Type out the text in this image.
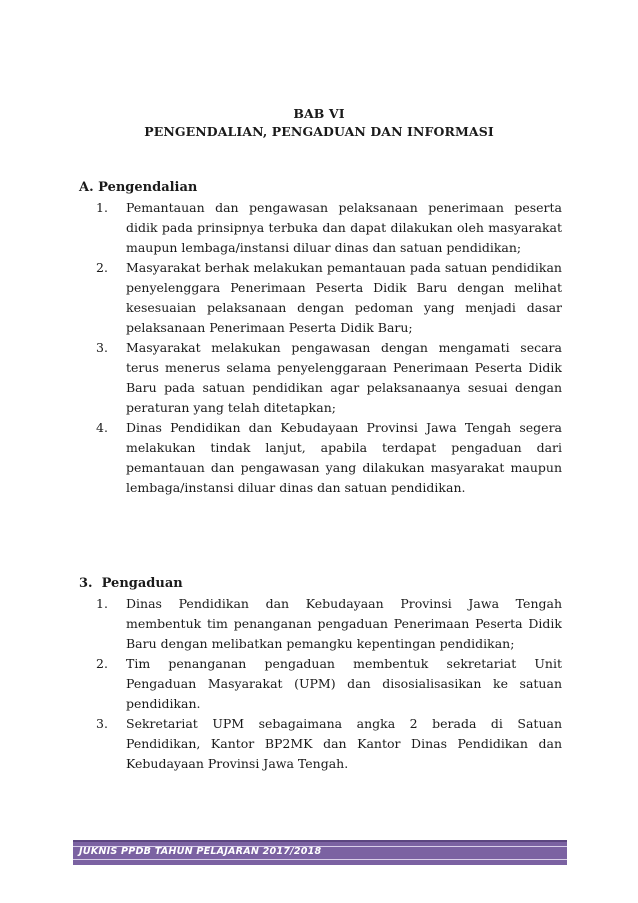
BAB VI
PENGENDALIAN, PENGADUAN DAN INFORMASI
A. Pengendalian
1.	Pemantauan dan pengawasan pelaksanaan penerimaan peserta didik pada prinsipnya terbuka dan dapat dilakukan oleh masyarakat maupun lembaga/instansi diluar dinas dan satuan pendidikan;
2.	Masyarakat berhak melakukan pemantauan pada satuan pendidikan penyelenggara Penerimaan Peserta Didik Baru dengan melihat kesesuaian pelaksanaan dengan pedoman yang menjadi dasar pelaksanaan Penerimaan Peserta Didik Baru;
3.	Masyarakat melakukan pengawasan dengan mengamati secara terus menerus selama penyelenggaraan Penerimaan Peserta Didik Baru pada satuan pendidikan agar pelaksanaanya sesuai dengan peraturan yang telah ditetapkan;
4.	Dinas Pendidikan dan Kebudayaan Provinsi Jawa Tengah segera melakukan tindak lanjut, apabila terdapat pengaduan dari pemantauan dan pengawasan yang dilakukan masyarakat maupun lembaga/instansi diluar dinas dan satuan pendidikan.
3.  Pengaduan
1.	Dinas Pendidikan dan Kebudayaan Provinsi Jawa Tengah membentuk tim penanganan pengaduan Penerimaan Peserta Didik Baru dengan melibatkan pemangku kepentingan pendidikan;
2.	Tim penanganan pengaduan membentuk sekretariat Unit Pengaduan Masyarakat (UPM) dan disosialisasikan ke satuan pendidikan.
3.	Sekretariat UPM sebagaimana angka 2 berada di Satuan Pendidikan, Kantor BP2MK dan Kantor Dinas Pendidikan dan Kebudayaan Provinsi Jawa Tengah.
JUKNIS PPDB TAHUN PELAJARAN 2017/2018
